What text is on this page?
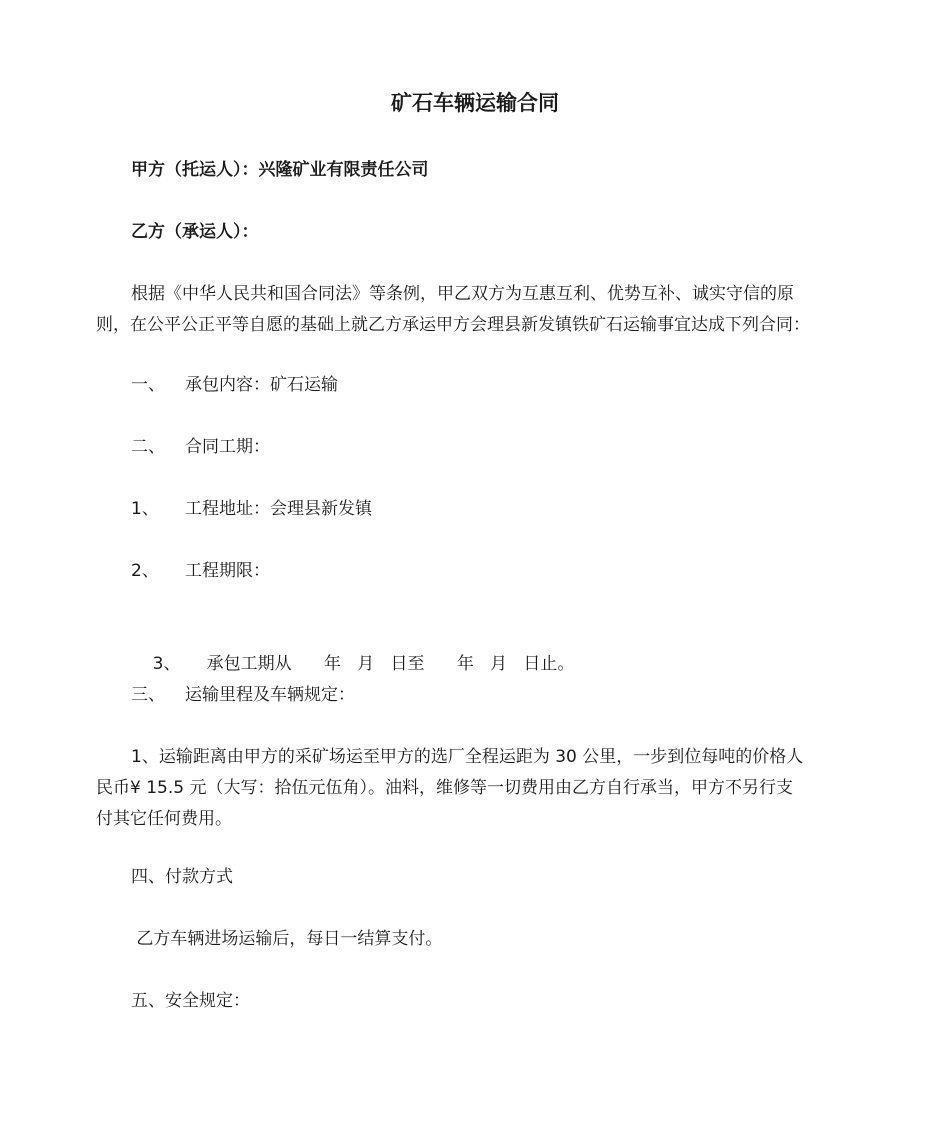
矿石车辆运输合同
甲方（托运人）：兴隆矿业有限责任公司
乙方（承运人）：
根据《中华人民共和国合同法》等条例，甲乙双方为互惠互利、优势互补、诚实守信的原
则，在公平公正平等自愿的基础上就乙方承运甲方会理县新发镇铁矿石运输事宜达成下列合同：
一、 承包内容：矿石运输
二、 合同工期：
1、 工程地址：会理县新发镇
2、 工程期限：

3、 承包工期从      年   月   日至      年   月   日止。

三、 运输里程及车辆规定：
1、运输距离由甲方的采矿场运至甲方的选厂全程运距为 30 公里，一步到位每吨的价格人
民币¥ 15.5 元（大写：拾伍元伍角）。油料，维修等一切费用由乙方自行承当，甲方不另行支
付其它任何费用。
四、付款方式
乙方车辆进场运输后，每日一结算支付。
五、安全规定：
